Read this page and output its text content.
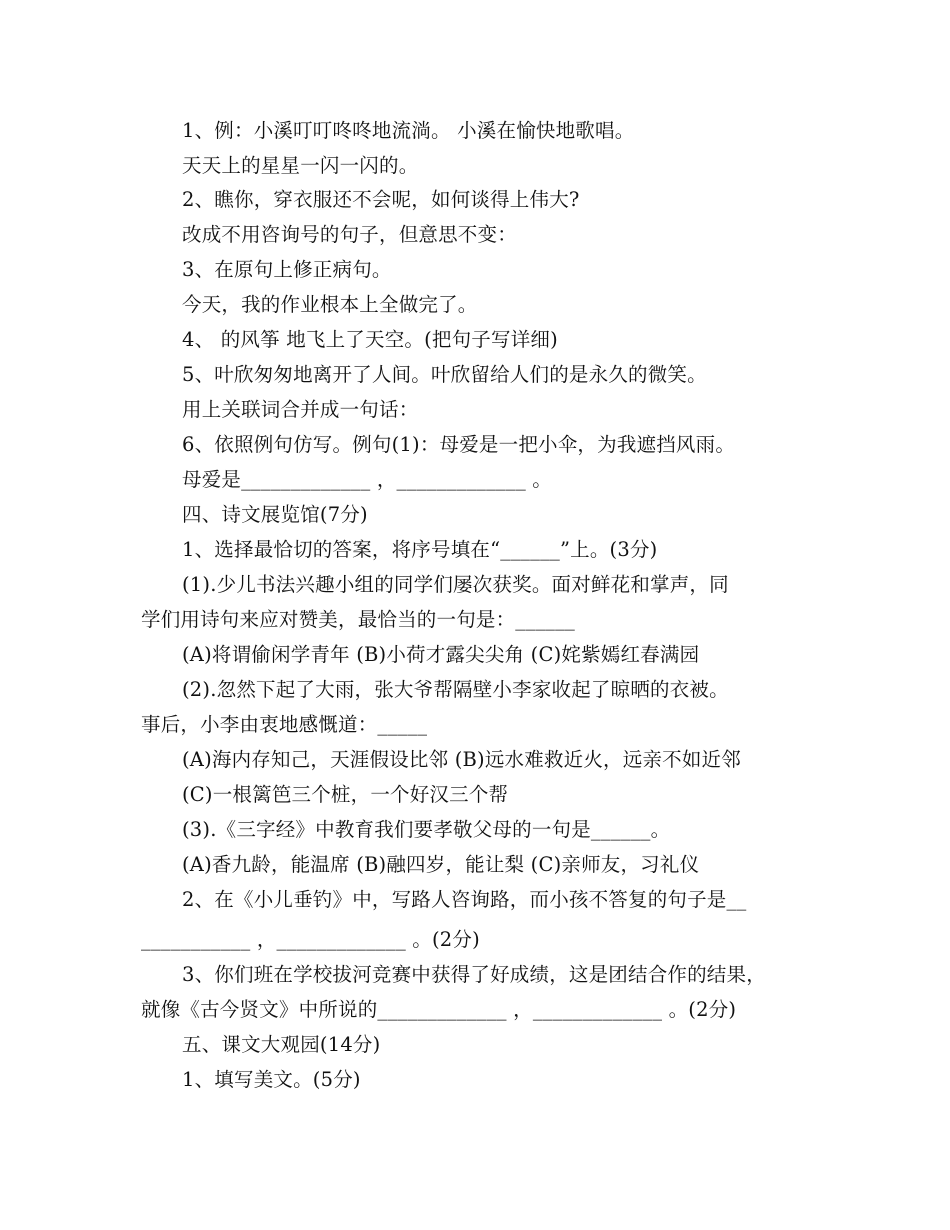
1、例：小溪叮叮咚咚地流淌。 小溪在愉快地歌唱。
天天上的星星一闪一闪的。
2、瞧你，穿衣服还不会呢，如何谈得上伟大?
改成不用咨询号的句子，但意思不变：
3、在原句上修正病句。
今天，我的作业根本上全做完了。
4、 的风筝 地飞上了天空。(把句子写详细)
5、叶欣匆匆地离开了人间。叶欣留给人们的是永久的微笑。
用上关联词合并成一句话：
6、依照例句仿写。例句(1)：母爱是一把小伞，为我遮挡风雨。
母爱是_____________ ，_____________ 。
四、诗文展览馆(7分)
1、选择最恰切的答案，将序号填在“______”上。(3分)
(1).少儿书法兴趣小组的同学们屡次获奖。面对鲜花和掌声，同
学们用诗句来应对赞美，最恰当的一句是：______
(A)将谓偷闲学青年 (B)小荷才露尖尖角 (C)姹紫嫣红春满园
(2).忽然下起了大雨，张大爷帮隔壁小李家收起了晾晒的衣被。
事后，小李由衷地感慨道：_____
(A)海内存知己，天涯假设比邻 (B)远水难救近火，远亲不如近邻
(C)一根篱笆三个桩，一个好汉三个帮
(3).《三字经》中教育我们要孝敬父母的一句是______。
(A)香九龄，能温席 (B)融四岁，能让梨 (C)亲师友，习礼仪
2、在《小儿垂钓》中，写路人咨询路，而小孩不答复的句子是__
___________ ，_____________ 。(2分)
3、你们班在学校拔河竞赛中获得了好成绩，这是团结合作的结果，
就像《古今贤文》中所说的_____________ ，_____________ 。(2分)
五、课文大观园(14分)
1、填写美文。(5分)
